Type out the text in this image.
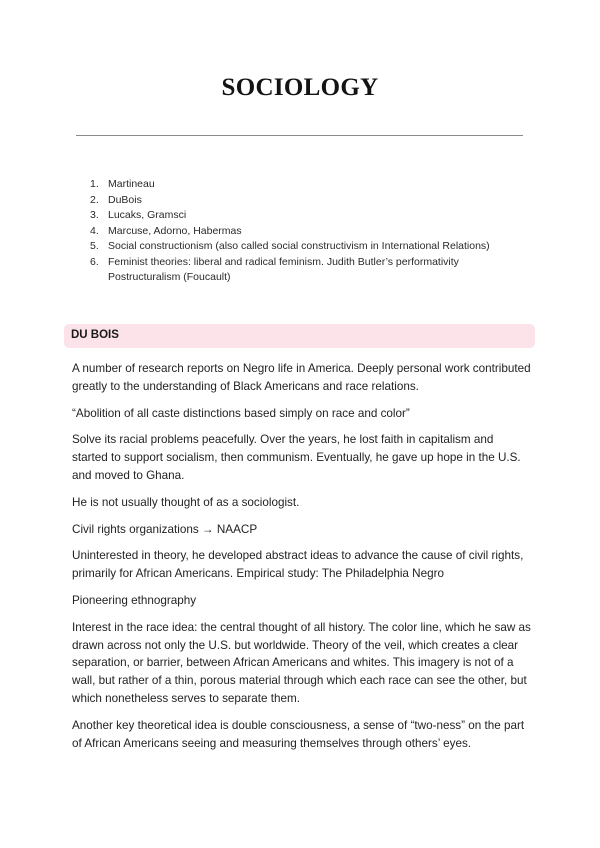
SOCIOLOGY
1. Martineau
2. DuBois
3. Lucaks, Gramsci
4. Marcuse, Adorno, Habermas
5. Social constructionism (also called social constructivism in International Relations)
6. Feminist theories: liberal and radical feminism. Judith Butler’s performativity
Postructuralism (Foucault)
DU BOIS

A number of research reports on Negro life in America. Deeply personal work contributed greatly to the understanding of Black Americans and race relations.

“Abolition of all caste distinctions based simply on race and color”

Solve its racial problems peacefully. Over the years, he lost faith in capitalism and started to support socialism, then communism. Eventually, he gave up hope in the U.S. and moved to Ghana.

He is not usually thought of as a sociologist.

Civil rights organizations → NAACP

Uninterested in theory, he developed abstract ideas to advance the cause of civil rights, primarily for African Americans. Empirical study: The Philadelphia Negro

Pioneering ethnography

Interest in the race idea: the central thought of all history. The color line, which he saw as drawn across not only the U.S. but worldwide. Theory of the veil, which creates a clear separation, or barrier, between African Americans and whites. This imagery is not of a wall, but rather of a thin, porous material through which each race can see the other, but which nonetheless serves to separate them.

Another key theoretical idea is double consciousness, a sense of “two-ness” on the part of African Americans seeing and measuring themselves through others’ eyes.
